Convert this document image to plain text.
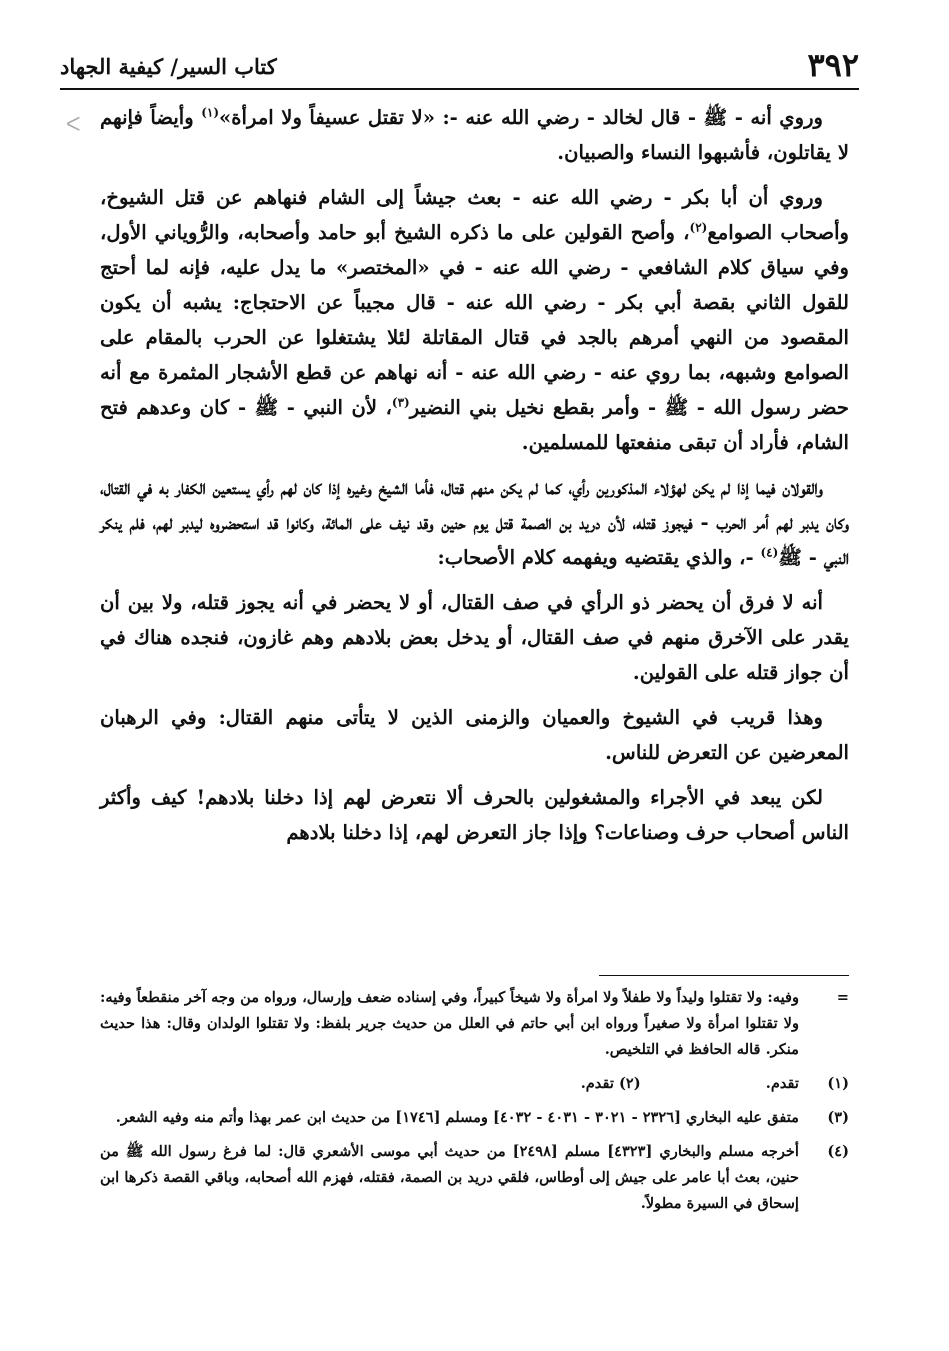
٣٩٢
كتاب السير/ كيفية الجهاد
ᐸ	وروي أنه - ﷺ - قال لخالد - رضي الله عنه -: «لا تقتل عسيفاً ولا امرأة»$^{(١)}$ وأيضاً فإنهم لا يقاتلون، فأشبهوا النساء والصبيان.

وروي أن أبا بكر - رضي الله عنه - بعث جيشاً إلى الشام فنهاهم عن قتل الشيوخ، وأصحاب الصوامع$^{(٢)}$، وأصح القولين على ما ذكره الشيخ أبو حامد وأصحابه، والرُّوياني الأول، وفي سياق كلام الشافعي - رضي الله عنه - في «المختصر» ما يدل عليه، فإنه لما أحتج للقول الثاني بقصة أبي بكر - رضي الله عنه - قال مجيباً عن الاحتجاج: يشبه أن يكون المقصود من النهي أمرهم بالجد في قتال المقاتلة لئلا يشتغلوا عن الحرب بالمقام على الصوامع وشبهه، بما روي عنه - رضي الله عنه - أنه نهاهم عن قطع الأشجار المثمرة مع أنه حضر رسول الله - ﷺ - وأمر بقطع نخيل بني النضير$^{(٣)}$، لأن النبي - ﷺ - كان وعدهم فتح الشام، فأراد أن تبقى منفعتها للمسلمين.

والقولان فيما إذا لم يكن لهؤلاء المذكورين رأي، كما لم يكن منهم قتال، فأما الشيخ وغيره إذا كان لهم رأي يستعين الكفار به في القتال، وكان يدبر لهم أمر الحرب - فيجوز قتله، لأن دريد بن الصمة قتل يوم حنين وقد نيف على المائة، وكانوا قد استحضروه ليدبر لهم، فلم ينكر النبي - ﷺ$^{(٤)}$ -، والذي يقتضيه ويفهمه كلام الأصحاب:

أنه لا فرق أن يحضر ذو الرأي في صف القتال، أو لا يحضر في أنه يجوز قتله، ولا بين أن يقدر على الآخرق منهم في صف القتال، أو يدخل بعض بلادهم وهم غازون، فنجده هناك في أن جواز قتله على القولين.

وهذا قريب في الشيوخ والعميان والزمنى الذين لا يتأتى منهم القتال: وفي الرهبان المعرضين عن التعرض للناس.

لكن يبعد في الأجراء والمشغولين بالحرف ألا نتعرض لهم إذا دخلنا بلادهم! كيف وأكثر الناس أصحاب حرف وصناعات؟ وإذا جاز التعرض لهم، إذا دخلنا بلادهم

=
وفيه: ولا تقتلوا وليداً ولا طفلاً ولا امرأة ولا شيخاً كبيراً، وفي إسناده ضعف وإرسال، ورواه من وجه آخر منقطعاً وفيه: ولا تقتلوا امرأة ولا صغيراً ورواه ابن أبي حاتم في العلل من حديث جرير بلفظ: ولا تقتلوا الولدان وقال: هذا حديث منكر. قاله الحافظ في التلخيص.
(١)
تقدم. (٢) تقدم.
(٣)
متفق عليه البخاري [٢٣٢٦ - ٣٠٢١ - ٤٠٣١ - ٤٠٣٢] ومسلم [١٧٤٦] من حديث ابن عمر بهذا وأتم منه وفيه الشعر.
(٤)
أخرجه مسلم والبخاري [٤٣٢٣] مسلم [٢٤٩٨] من حديث أبي موسى الأشعري قال: لما فرغ رسول الله ﷺ من حنين، بعث أبا عامر على جيش إلى أوطاس، فلقي دريد بن الصمة، فقتله، فهزم الله أصحابه، وباقي القصة ذكرها ابن إسحاق في السيرة مطولاً.
